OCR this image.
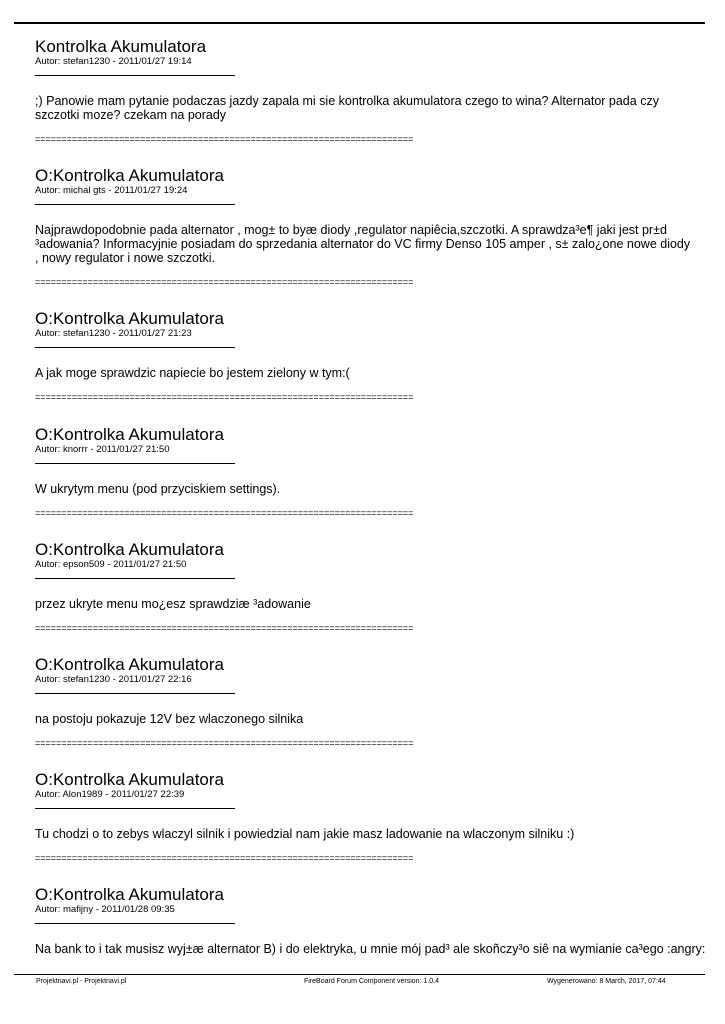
Kontrolka Akumulatora
Autor: stefan1230 - 2011/01/27 19:14
;) Panowie mam pytanie podaczas jazdy zapala mi sie kontrolka akumulatora czego to wina? Alternator pada czy szczotki moze? czekam na porady
========================================================================
O:Kontrolka Akumulatora
Autor: michal gts - 2011/01/27 19:24
Najprawdopodobnie pada alternator , mog± to byæ diody ,regulator napiêcia,szczotki. A sprawdza³e¶ jaki jest pr±d ³adowania? Informacyjnie posiadam do sprzedania alternator do VC firmy Denso 105 amper , s± zalo¿one nowe diody , nowy regulator i nowe szczotki.
========================================================================
O:Kontrolka Akumulatora
Autor: stefan1230 - 2011/01/27 21:23
A jak moge sprawdzic napiecie bo jestem zielony w tym:(
========================================================================
O:Kontrolka Akumulatora
Autor: knorrr - 2011/01/27 21:50
W ukrytym menu (pod przyciskiem settings).
========================================================================
O:Kontrolka Akumulatora
Autor: epson509 - 2011/01/27 21:50
przez ukryte menu mo¿esz sprawdziæ ³adowanie
========================================================================
O:Kontrolka Akumulatora
Autor: stefan1230 - 2011/01/27 22:16
na postoju pokazuje 12V bez wlaczonego silnika
========================================================================
O:Kontrolka Akumulatora
Autor: Alon1989 - 2011/01/27 22:39
Tu chodzi o to zebys wlaczyl silnik i powiedzial nam jakie masz ladowanie na wlaczonym silniku :)
========================================================================
O:Kontrolka Akumulatora
Autor: mafijny - 2011/01/28 09:35
Na bank to i tak musisz wyj±æ alternator B) i do elektryka, u mnie mój pad³ ale skoñczy³o siê na wymianie ca³ego :angry:
Projektnavi.pl - Projektnavi.pl	FireBoard Forum Component version: 1.0.4	Wygenerowano: 8 March, 2017, 07:44
